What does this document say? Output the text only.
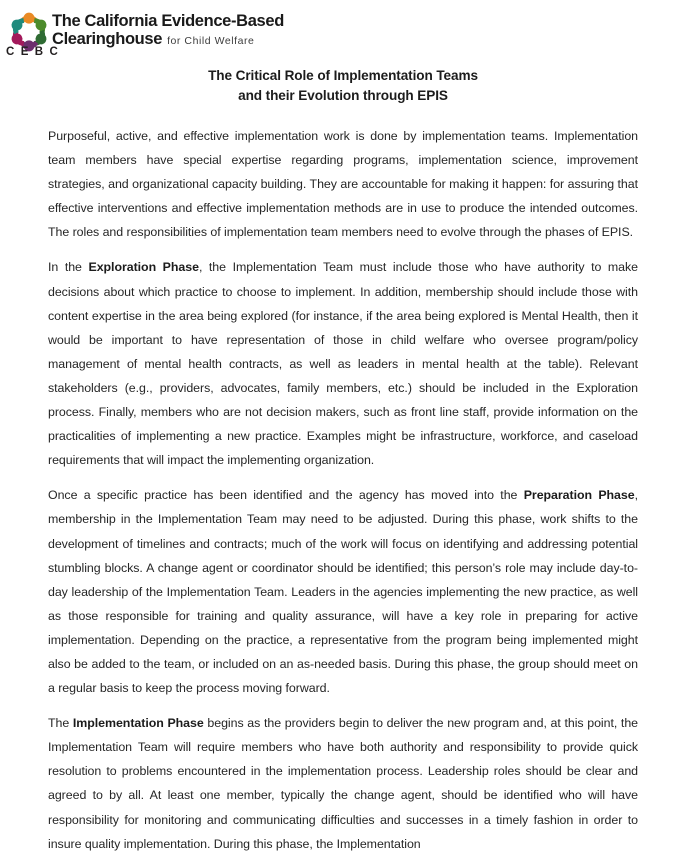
C E B C
The California Evidence-Based
Clearinghouse for Child Welfare
The Critical Role of Implementation Teams
and their Evolution through EPIS

Purposeful, active, and effective implementation work is done by implementation teams. Implementation team members have special expertise regarding programs, implementation science, improvement strategies, and organizational capacity building. They are accountable for making it happen: for assuring that effective interventions and effective implementation methods are in use to produce the intended outcomes. The roles and responsibilities of implementation team members need to evolve through the phases of EPIS.

In the Exploration Phase, the Implementation Team must include those who have authority to make decisions about which practice to choose to implement. In addition, membership should include those with content expertise in the area being explored (for instance, if the area being explored is Mental Health, then it would be important to have representation of those in child welfare who oversee program/policy management of mental health contracts, as well as leaders in mental health at the table). Relevant stakeholders (e.g., providers, advocates, family members, etc.) should be included in the Exploration process. Finally, members who are not decision makers, such as front line staff, provide information on the practicalities of implementing a new practice. Examples might be infrastructure, workforce, and caseload requirements that will impact the implementing organization.

Once a specific practice has been identified and the agency has moved into the Preparation Phase, membership in the Implementation Team may need to be adjusted. During this phase, work shifts to the development of timelines and contracts; much of the work will focus on identifying and addressing potential stumbling blocks. A change agent or coordinator should be identified; this person’s role may include day-to-day leadership of the Implementation Team. Leaders in the agencies implementing the new practice, as well as those responsible for training and quality assurance, will have a key role in preparing for active implementation. Depending on the practice, a representative from the program being implemented might also be added to the team, or included on an as-needed basis. During this phase, the group should meet on a regular basis to keep the process moving forward.

The Implementation Phase begins as the providers begin to deliver the new program and, at this point, the Implementation Team will require members who have both authority and responsibility to provide quick resolution to problems encountered in the implementation process. Leadership roles should be clear and agreed to by all. At least one member, typically the change agent, should be identified who will have responsibility for monitoring and communicating difficulties and successes in a timely fashion in order to insure quality implementation. During this phase, the Implementation
